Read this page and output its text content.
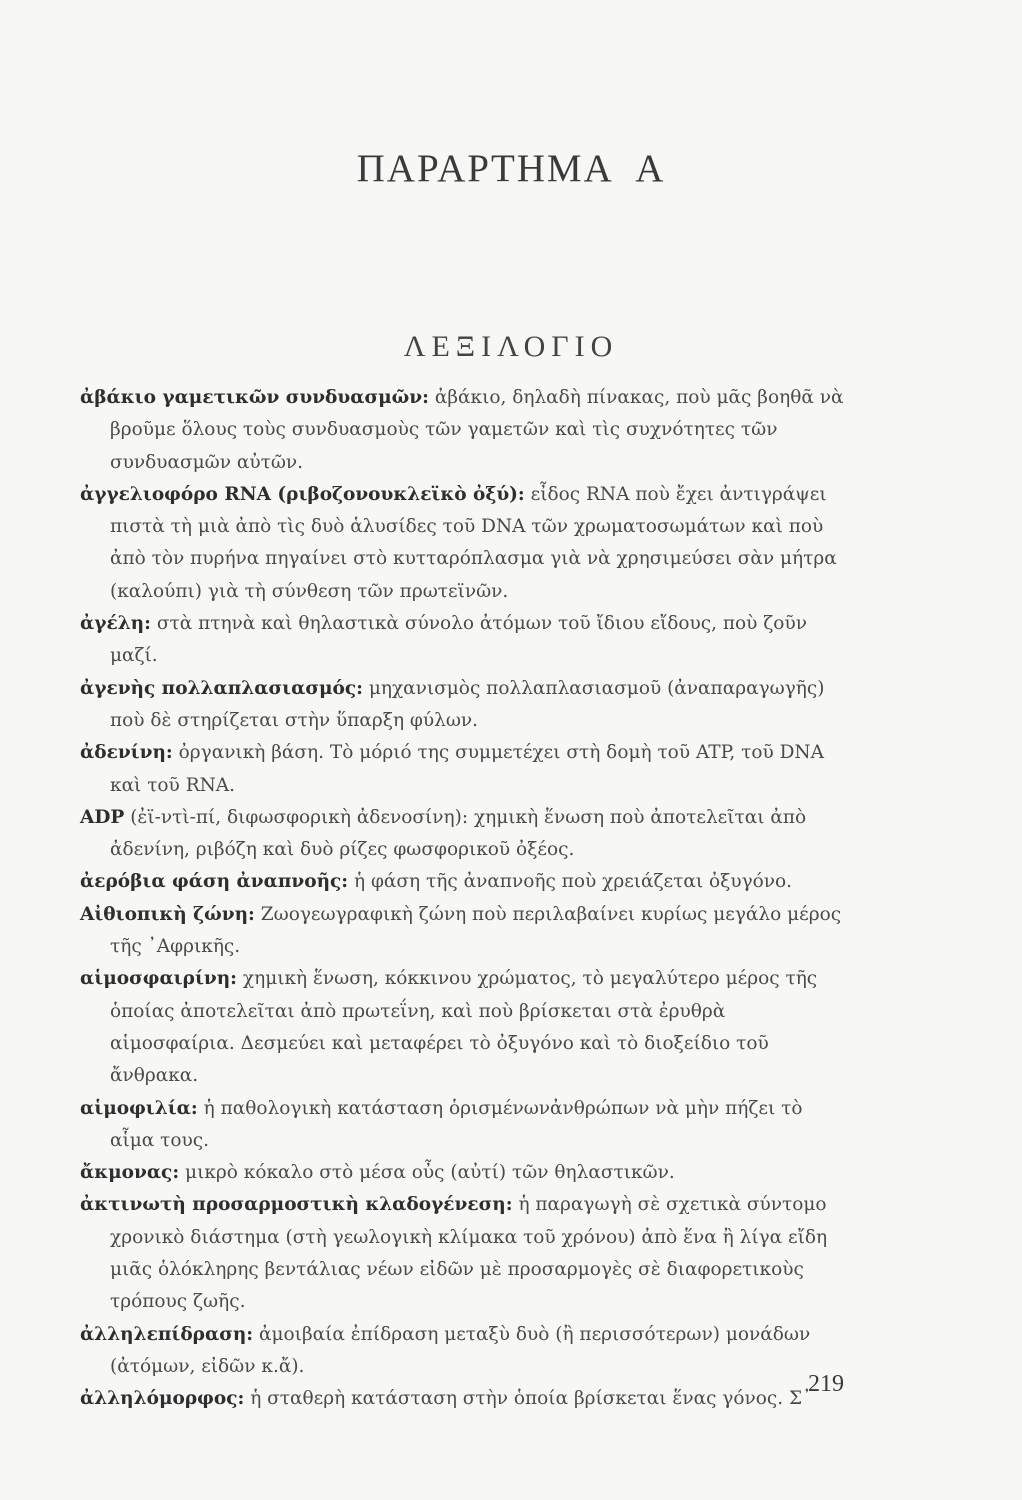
ΠΑΡΑΡΤΗΜΑ Α
ΛΕΞΙΛΟΓΙΟ

ἀβάκιο γαμετικῶν συνδυασμῶν: ἀβάκιο, δηλαδὴ πίνακας, ποὺ μᾶς βοηθᾶ νὰ βροῦμε ὅλους τοὺς συνδυασμοὺς τῶν γαμετῶν καὶ τὶς συχνότητες τῶν συνδυασμῶν αὐτῶν.

ἀγγελιοφόρο RNA (ριβοζονουκλεϊκὸ ὀξύ): εἶδος RNA ποὺ ἔχει ἀντιγράψει πιστὰ τὴ μιὰ ἀπὸ τὶς δυὸ ἁλυσίδες τοῦ DNA τῶν χρωματοσωμάτων καὶ ποὺ ἀπὸ τὸν πυρήνα πηγαίνει στὸ κυτταρόπλασμα γιὰ νὰ χρησιμεύσει σὰν μήτρα (καλούπι) γιὰ τὴ σύνθεση τῶν πρωτεϊνῶν.

ἀγέλη: στὰ πτηνὰ καὶ θηλαστικὰ σύνολο ἀτόμων τοῦ ἴδιου εἴδους, ποὺ ζοῦν μαζί.

ἀγενὴς πολλαπλασιασμός: μηχανισμὸς πολλαπλασιασμοῦ (ἀναπαραγωγῆς) ποὺ δὲ στηρίζεται στὴν ὕπαρξη φύλων.

ἀδενίνη: ὀργανικὴ βάση. Τὸ μόριό της συμμετέχει στὴ δομὴ τοῦ ATP, τοῦ DNA καὶ τοῦ RNA.

ADP (ἐϊ-ντὶ-πί, διφωσφορικὴ ἀδενοσίνη): χημικὴ ἕνωση ποὺ ἀποτελεῖται ἀπὸ ἀδενίνη, ριβόζη καὶ δυὸ ρίζες φωσφορικοῦ ὀξέος.

ἀερόβια φάση ἀναπνοῆς: ἡ φάση τῆς ἀναπνοῆς ποὺ χρειάζεται ὀξυγόνο.

Αἰθιοπικὴ ζώνη: Ζωογεωγραφικὴ ζώνη ποὺ περιλαβαίνει κυρίως μεγάλο μέρος τῆς ᾿Αφρικῆς.

αἱμοσφαιρίνη: χημικὴ ἕνωση, κόκκινου χρώματος, τὸ μεγαλύτερο μέρος τῆς ὁποίας ἀποτελεῖται ἀπὸ πρωτεΐνη, καὶ ποὺ βρίσκεται στὰ ἐρυθρὰ αἱμοσφαίρια. Δεσμεύει καὶ μεταφέρει τὸ ὀξυγόνο καὶ τὸ διοξείδιο τοῦ ἄνθρακα.

αἱμοφιλία: ἡ παθολογικὴ κατάσταση ὁρισμένωνἀνθρώπων νὰ μὴν πήζει τὸ αἷμα τους.

ἄκμονας: μικρὸ κόκαλο στὸ μέσα οὖς (αὐτί) τῶν θηλαστικῶν.

ἀκτινωτὴ προσαρμοστικὴ κλαδογένεση: ἡ παραγωγὴ σὲ σχετικὰ σύντομο χρονικὸ διάστημα (στὴ γεωλογικὴ κλίμακα τοῦ χρόνου) ἀπὸ ἕνα ἢ λίγα εἴδη μιᾶς ὁλόκληρης βεντάλιας νέων εἰδῶν μὲ προσαρμογὲς σὲ διαφορετικοὺς τρόπους ζωῆς.

ἀλληλεπίδραση: ἀμοιβαία ἐπίδραση μεταξὺ δυὸ (ἢ περισσότερων) μονάδων (ἀτόμων, εἰδῶν κ.ἄ).

ἀλληλόμορφος: ἡ σταθερὴ κατάσταση στὴν ὁποία βρίσκεται ἕνας γόνος. Σ᾿

219
